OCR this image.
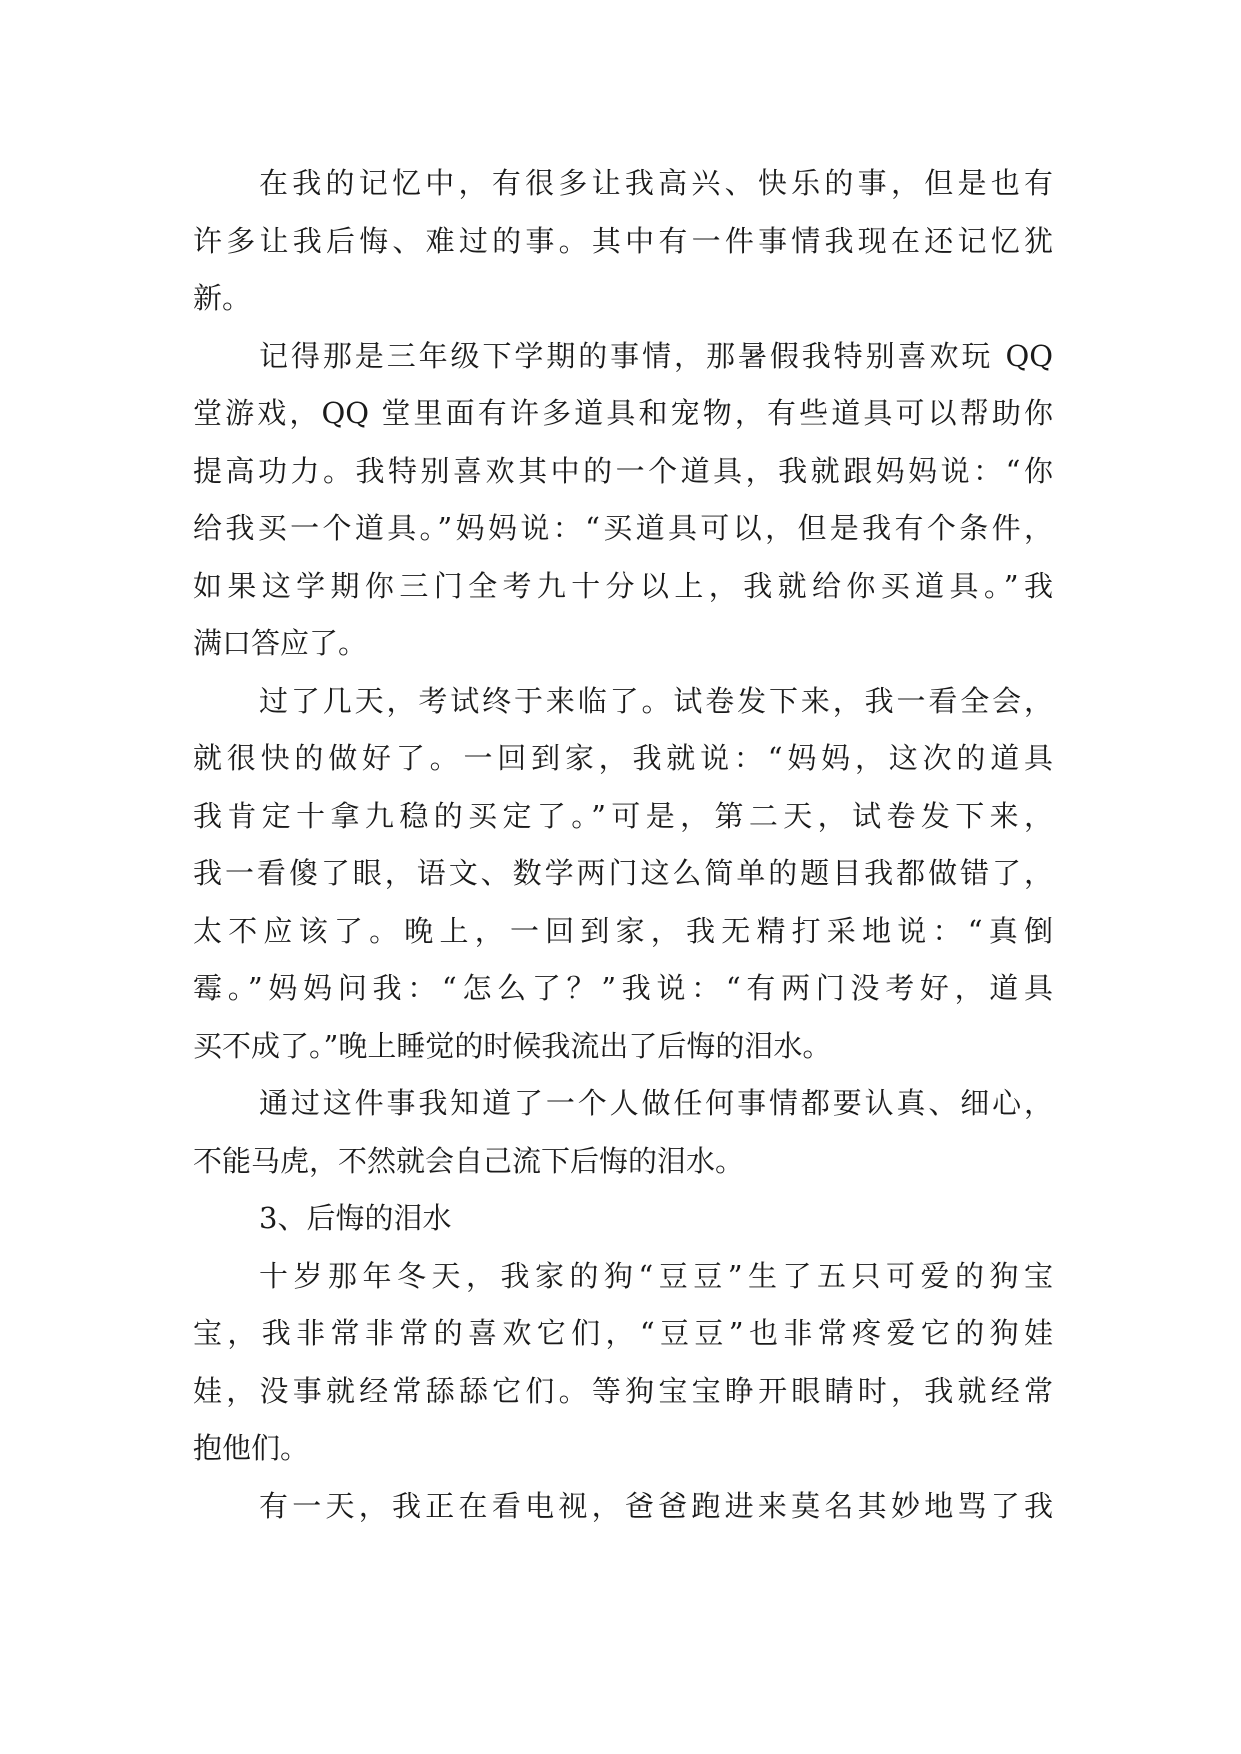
在我的记忆中，有很多让我高兴、快乐的事，但是也有
许多让我后悔、难过的事。其中有一件事情我现在还记忆犹
新。
记得那是三年级下学期的事情，那暑假我特别喜欢玩 QQ
堂游戏，QQ 堂里面有许多道具和宠物，有些道具可以帮助你
提高功力。我特别喜欢其中的一个道具，我就跟妈妈说：“你
给我买一个道具。”妈妈说：“买道具可以，但是我有个条件，
如果这学期你三门全考九十分以上，我就给你买道具。”我
满口答应了。
过了几天，考试终于来临了。试卷发下来，我一看全会，
就很快的做好了。一回到家，我就说：“妈妈，这次的道具
我肯定十拿九稳的买定了。”可是，第二天，试卷发下来，
我一看傻了眼，语文、数学两门这么简单的题目我都做错了，
太不应该了。晚上，一回到家，我无精打采地说：“真倒
霉。”妈妈问我：“怎么了？”我说：“有两门没考好，道具
买不成了。”晚上睡觉的时候我流出了后悔的泪水。
通过这件事我知道了一个人做任何事情都要认真、细心，
不能马虎，不然就会自己流下后悔的泪水。
3、后悔的泪水
十岁那年冬天，我家的狗“豆豆”生了五只可爱的狗宝
宝，我非常非常的喜欢它们，“豆豆”也非常疼爱它的狗娃
娃，没事就经常舔舔它们。等狗宝宝睁开眼睛时，我就经常
抱他们。
有一天，我正在看电视，爸爸跑进来莫名其妙地骂了我
